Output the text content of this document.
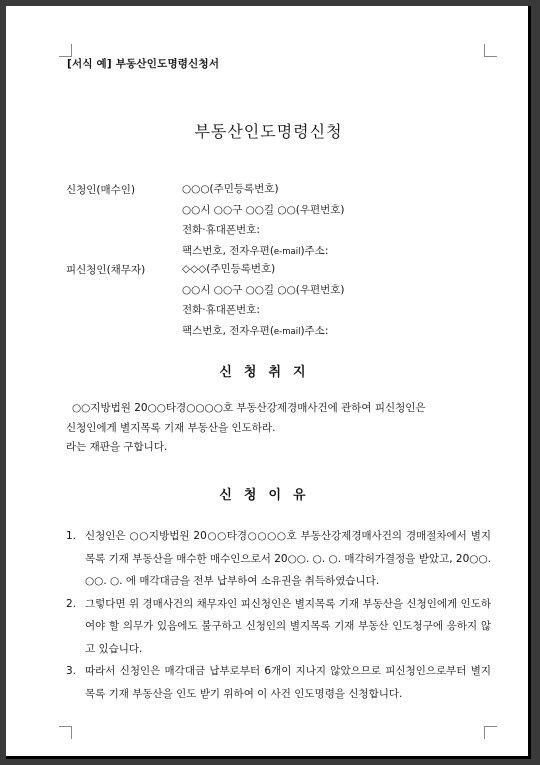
[서식 예] 부동산인도명령신청서
부동산인도명령신청
신청인(매수인)	○○○(주민등록번호)
○○시 ○○구 ○○길 ○○(우편번호)
전화·휴대폰번호:
팩스번호, 전자우편(e-mail)주소:
피신청인(채무자)	◇◇◇(주민등록번호)
○○시 ○○구 ○○길 ○○(우편번호)
전화·휴대폰번호:
팩스번호, 전자우편(e-mail)주소:
신청취지
○○지방법원 20○○타경○○○○호 부동산강제경매사건에 관하여 피신청인은
신청인에게 별지목록 기재 부동산을 인도하라.
라는 재판을 구합니다.
신청이유
1. 신청인은 ○○지방법원 20○○타경○○○○호 부동산강제경매사건의 경매절차에서 별지목록 기재 부동산을 매수한 매수인으로서 20○○. ○. ○. 매각허가결정을 받았고, 20○○. ○○. ○. 에 매각대금을 전부 납부하여 소유권을 취득하였습니다.
2. 그렇다면 위 경매사건의 채무자인 피신청인은 별지목록 기재 부동산을 신청인에게 인도하여야 할 의무가 있음에도 불구하고 신청인의 별지목록 기재 부동산 인도청구에 응하지 않고 있습니다.
3. 따라서 신청인은 매각대금 납부로부터 6개이 지나지 않았으므로 피신청인으로부터 별지목록 기재 부동산을 인도 받기 위하여 이 사건 인도명령을 신청합니다.
